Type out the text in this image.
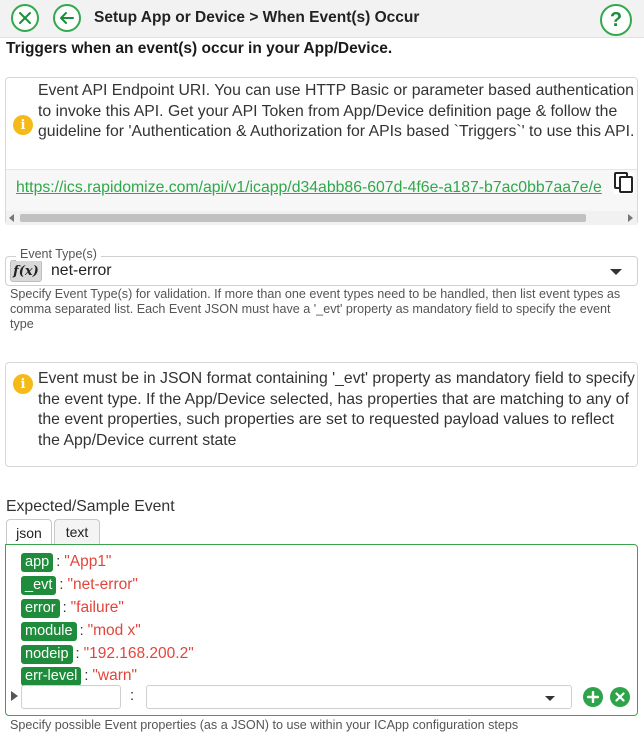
Setup App or Device > When Event(s) Occur	?
Triggers when an event(s) occur in your App/Device.
i
Event API Endpoint URI. You can use HTTP Basic or parameter based authentication to invoke this API. Get your API Token from App/Device definition page & follow the guideline for 'Authentication & Authorization for APIs based `Triggers`' to use this API.
https://ics.rapidomize.com/api/v1/icapp/d34abb86-607d-4f6e-a187-b7ac0bb7aa7e/e
f(x) net-error
Event Type(s)
Specify Event Type(s) for validation. If more than one event types need to be handled, then list event types as comma separated list. Each Event JSON must have a '_evt' property as mandatory field to specify the event type
i Event must be in JSON format containing '_evt' property as mandatory field to specify the event type. If the App/Device selected, has properties that are matching to any of the event properties, such properties are set to requested payload values to reflect the App/Device current state
Expected/Sample Event
json	text
app : "App1"
_evt : "net-error"
error : "failure"
module : "mod x"
nodeip : "192.168.200.2"
err-level : "warn"
:
Specify possible Event properties (as a JSON) to use within your ICApp configuration steps
